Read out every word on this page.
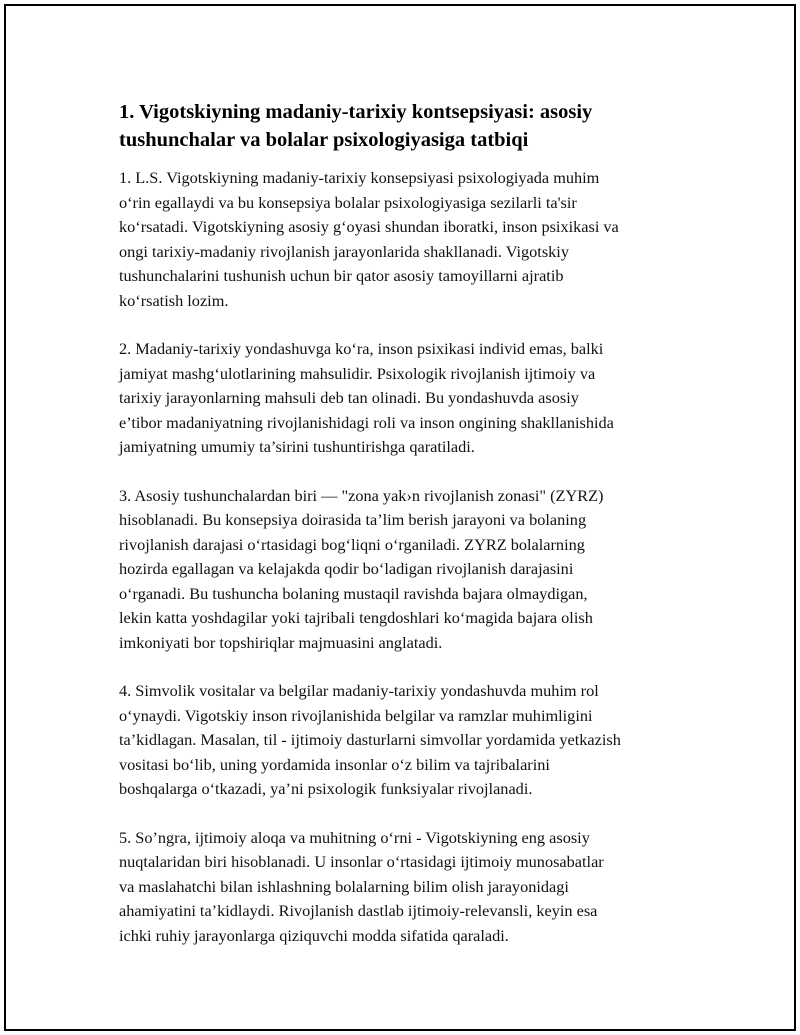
1. Vigotskiyning madaniy-tarixiy kontsepsiyasi: asosiy
tushunchalar va bolalar psixologiyasiga tatbiqi

1. L.S. Vigotskiyning madaniy-tarixiy konsepsiyasi psixologiyada muhim
o‘rin egallaydi va bu konsepsiya bolalar psixologiyasiga sezilarli ta'sir
ko‘rsatadi. Vigotskiyning asosiy g‘oyasi shundan iboratki, inson psixikasi va
ongi tarixiy-madaniy rivojlanish jarayonlarida shakllanadi. Vigotskiy
tushunchalarini tushunish uchun bir qator asosiy tamoyillarni ajratib
ko‘rsatish lozim.

2. Madaniy-tarixiy yondashuvga ko‘ra, inson psixikasi individ emas, balki
jamiyat mashg‘ulotlarining mahsulidir. Psixologik rivojlanish ijtimoiy va
tarixiy jarayonlarning mahsuli deb tan olinadi. Bu yondashuvda asosiy
e’tibor madaniyatning rivojlanishidagi roli va inson ongining shakllanishida
jamiyatning umumiy ta’sirini tushuntirishga qaratiladi.

3. Asosiy tushunchalardan biri — "zona yak›n rivojlanish zonasi" (ZYRZ)
hisoblanadi. Bu konsepsiya doirasida ta’lim berish jarayoni va bolaning
rivojlanish darajasi o‘rtasidagi bog‘liqni o‘rganiladi. ZYRZ bolalarning
hozirda egallagan va kelajakda qodir bo‘ladigan rivojlanish darajasini
o‘rganadi. Bu tushuncha bolaning mustaqil ravishda bajara olmaydigan,
lekin katta yoshdagilar yoki tajribali tengdoshlari ko‘magida bajara olish
imkoniyati bor topshiriqlar majmuasini anglatadi.

4. Simvolik vositalar va belgilar madaniy-tarixiy yondashuvda muhim rol
o‘ynaydi. Vigotskiy inson rivojlanishida belgilar va ramzlar muhimligini
ta’kidlagan. Masalan, til - ijtimoiy dasturlarni simvollar yordamida yetkazish
vositasi bo‘lib, uning yordamida insonlar o‘z bilim va tajribalarini
boshqalarga o‘tkazadi, ya’ni psixologik funksiyalar rivojlanadi.

5. So’ngra, ijtimoiy aloqa va muhitning o‘rni - Vigotskiyning eng asosiy
nuqtalaridan biri hisoblanadi. U insonlar o‘rtasidagi ijtimoiy munosabatlar
va maslahatchi bilan ishlashning bolalarning bilim olish jarayonidagi
ahamiyatini ta’kidlaydi. Rivojlanish dastlab ijtimoiy-relevansli, keyin esa
ichki ruhiy jarayonlarga qiziquvchi modda sifatida qaraladi.
